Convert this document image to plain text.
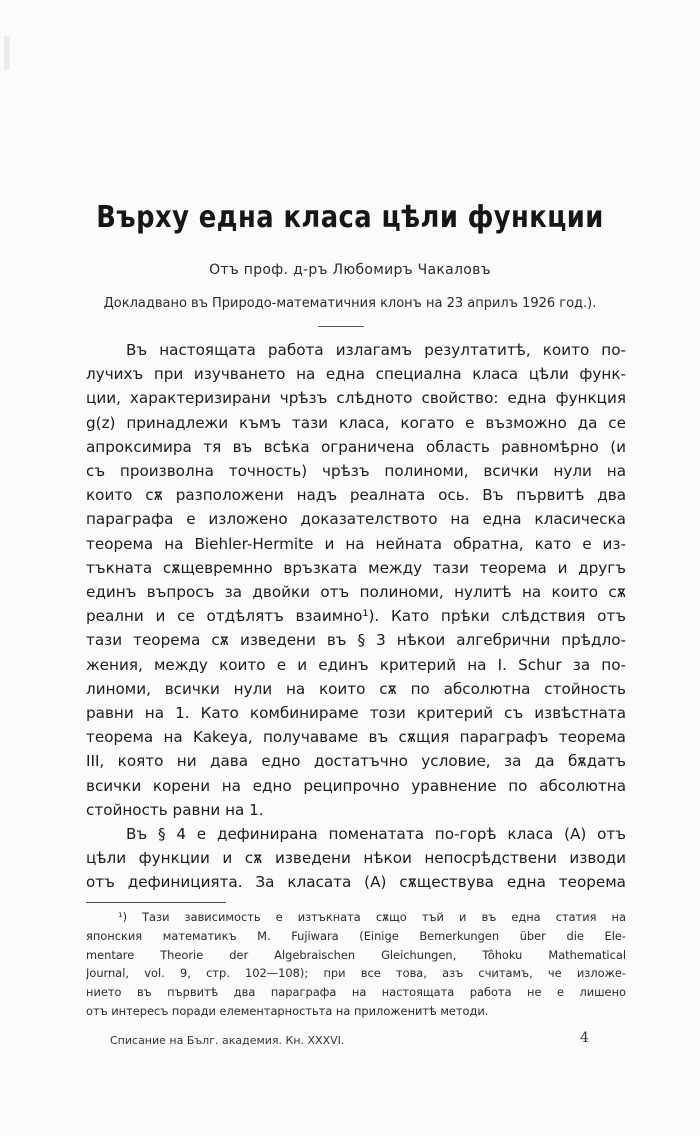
Върху една класа цѣли функции
Отъ проф. д-ръ Любомиръ Чакаловъ
Докладвано въ Природо-математичния клонъ на 23 априлъ 1926 год.).
Въ настоящата работа излагамъ резултатитѣ, които по-
лучихъ при изучването на една специална класа цѣли функ-
ции, характеризирани чрѣзъ слѣдното свойство: една функция
g(z) принадлежи къмъ тази класа, когато е възможно да се
апроксимира тя въ всѣка ограничена область равномѣрно (и
съ произволна точность) чрѣзъ полиноми, всички нули на
които сѫ разположени надъ реалната ось. Въ първитѣ два
параграфа е изложено доказателството на една класическа
теорема на Biehler-Hermite и на нейната обратна, като е из-
тъкната сѫщевремнно връзката между тази теорема и другъ
единъ въпросъ за двойки отъ полиноми, нулитѣ на които сѫ
реални и се отдѣлятъ взаимно¹). Като прѣки слѣдствия отъ
тази теорема сѫ изведени въ § 3 нѣкои алгебрични прѣдло-
жения, между които е и единъ критерий на I. Schur за по-
линоми, всички нули на които сѫ по абсолютна стойность
равни на 1. Като комбинираме този критерий съ извѣстната
теорема на Kakeya, получаваме въ сѫщия параграфъ теорема
III, която ни дава едно достатъчно условие, за да бѫдатъ
всички корени на едно реципрочно уравнение по абсолютна
стойность равни на 1.
Въ § 4 е дефинирана поменатата по-горѣ класа (A) отъ
цѣли функции и сѫ изведени нѣкои непосрѣдствени изводи
отъ дефиницията. За класата (A) сѫществува една теорема
¹) Тази зависимость е изтъкната сѫщо тъй и въ една статия на
японския математикъ M. Fujiwara (Einige Bemerkungen über die Ele-
mentare Theorie der Algebraischen Gleichungen, Tôhoku Mathematical
Journal, vol. 9, стр. 102—108); при все това, азъ считамъ, че изложе-
нието въ първитѣ два параграфа на настоящата работа не е лишено
отъ интересъ поради елементарностьта на приложенитѣ методи.
Списание на Бълг. академия. Кн. XXXVI.	4
